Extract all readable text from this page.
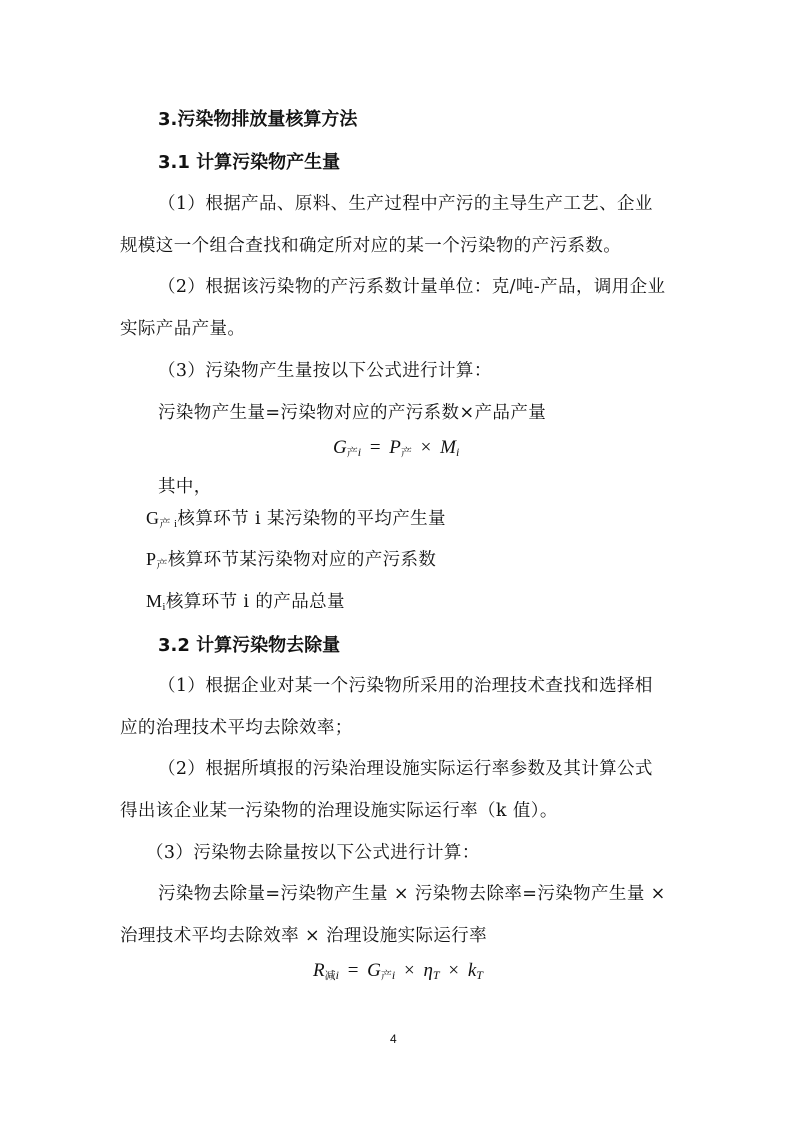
3.污染物排放量核算方法
3.1 计算污染物产生量
（1）根据产品、原料、生产过程中产污的主导生产工艺、企业
规模这一个组合查找和确定所对应的某一个污染物的产污系数。
（2）根据该污染物的产污系数计量单位：克/吨-产品，调用企业
实际产品产量。
（3）污染物产生量按以下公式进行计算：
污染物产生量=污染物对应的产污系数×产品产量
$G_{产i} = P_产 \times M_i$
其中，
$G_{产 i}$核算环节 i 某污染物的平均产生量
$P_产$核算环节某污染物对应的产污系数
$M_i$核算环节 i 的产品总量
3.2 计算污染物去除量
（1）根据企业对某一个污染物所采用的治理技术查找和选择相
应的治理技术平均去除效率；
（2）根据所填报的污染治理设施实际运行率参数及其计算公式
得出该企业某一污染物的治理设施实际运行率（k 值）。
（3）污染物去除量按以下公式进行计算：
污染物去除量=污染物产生量 × 污染物去除率=污染物产生量 ×
治理技术平均去除效率 × 治理设施实际运行率
$R_{减i} = G_{产i} \times \eta_T \times k_T$
4
